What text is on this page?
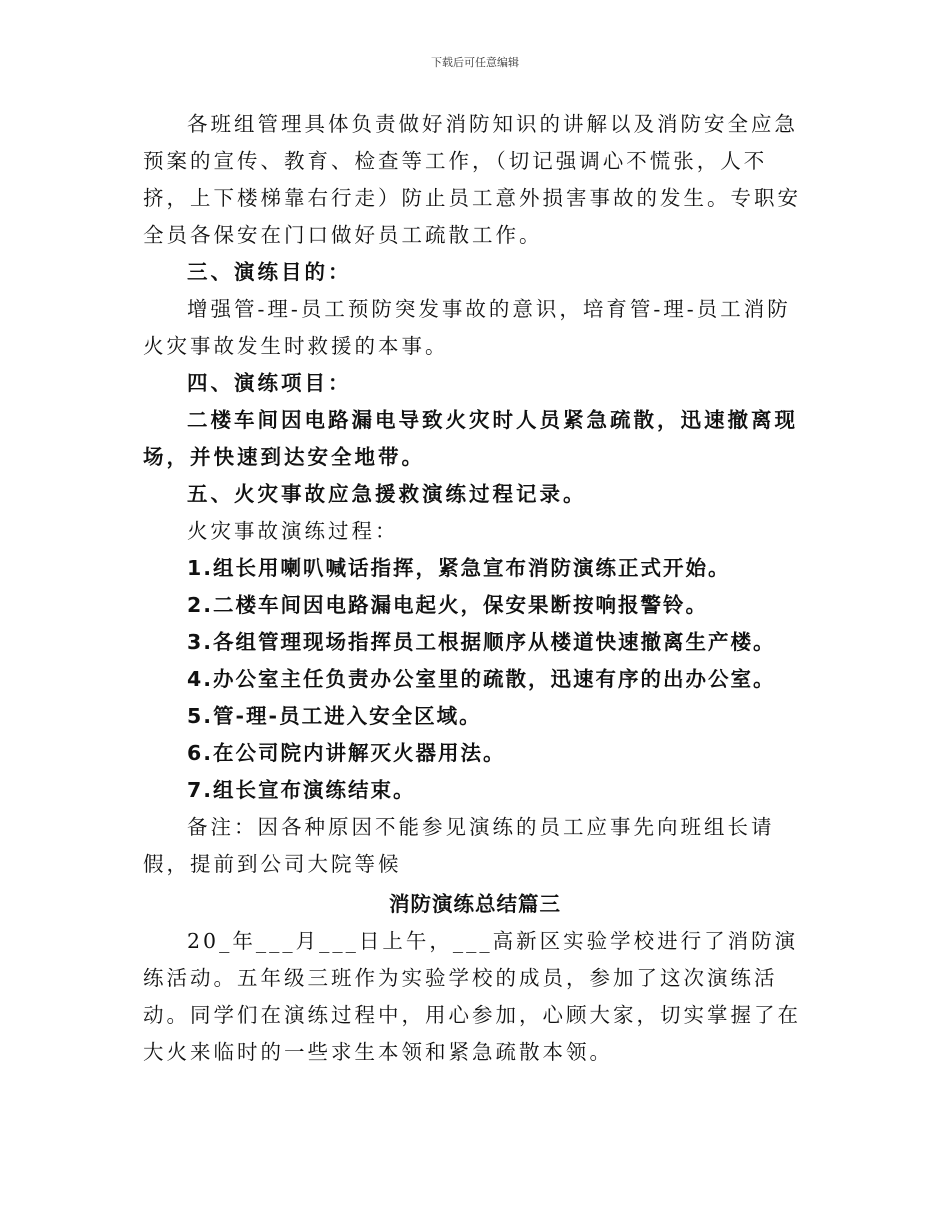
下载后可任意编辑

各班组管理具体负责做好消防知识的讲解以及消防安全应急预案的宣传、教育、检查等工作，（切记强调心不慌张，人不挤，上下楼梯靠右行走）防止员工意外损害事故的发生。专职安全员各保安在门口做好员工疏散工作。

三、演练目的：

增强管-理-员工预防突发事故的意识，培育管-理-员工消防火灾事故发生时救援的本事。

四、演练项目：

二楼车间因电路漏电导致火灾时人员紧急疏散，迅速撤离现场，并快速到达安全地带。

五、火灾事故应急援救演练过程记录。

火灾事故演练过程：

1.组长用喇叭喊话指挥，紧急宣布消防演练正式开始。

2.二楼车间因电路漏电起火，保安果断按响报警铃。

3.各组管理现场指挥员工根据顺序从楼道快速撤离生产楼。

4.办公室主任负责办公室里的疏散，迅速有序的出办公室。

5.管-理-员工进入安全区域。

6.在公司院内讲解灭火器用法。

7.组长宣布演练结束。

备注：因各种原因不能参见演练的员工应事先向班组长请假，提前到公司大院等候

消防演练总结篇三

20_年___月___日上午，___高新区实验学校进行了消防演练活动。五年级三班作为实验学校的成员，参加了这次演练活动。同学们在演练过程中，用心参加，心顾大家，切实掌握了在大火来临时的一些求生本领和紧急疏散本领。
